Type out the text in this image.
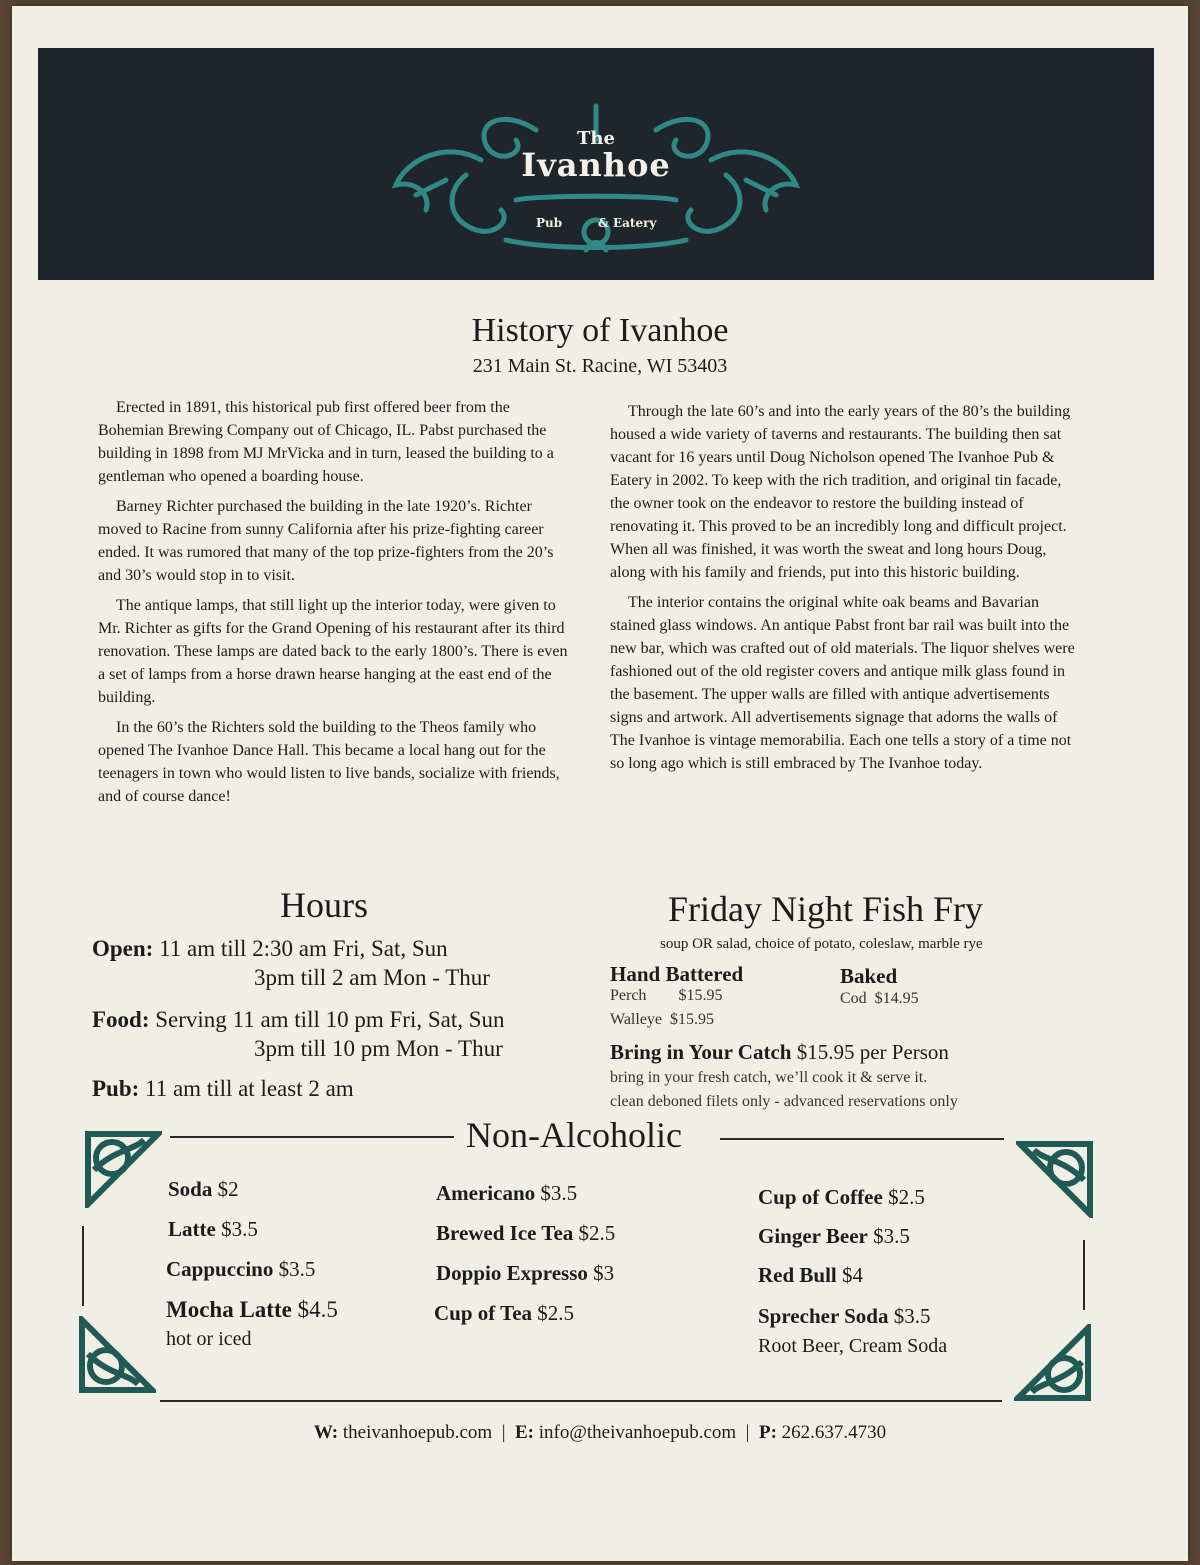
The
Ivanhoe
Pub	& Eatery
History of Ivanhoe
231 Main St. Racine, WI 53403

Erected in 1891, this historical pub first offered beer from the Bohemian Brewing Company out of Chicago, IL. Pabst purchased the building in 1898 from MJ MrVicka and in turn, leased the building to a gentleman who opened a boarding house.

Barney Richter purchased the building in the late 1920’s. Richter moved to Racine from sunny California after his prize-fighting career ended. It was rumored that many of the top prize-fighters from the 20’s and 30’s would stop in to visit.

The antique lamps, that still light up the interior today, were given to Mr. Richter as gifts for the Grand Opening of his restaurant after its third renovation. These lamps are dated back to the early 1800’s. There is even a set of lamps from a horse drawn hearse hanging at the east end of the building.

In the 60’s the Richters sold the building to the Theos family who opened The Ivanhoe Dance Hall. This became a local hang out for the teenagers in town who would listen to live bands, socialize with friends, and of course dance!

Through the late 60’s and into the early years of the 80’s the building housed a wide variety of taverns and restaurants. The building then sat vacant for 16 years until Doug Nicholson opened The Ivanhoe Pub & Eatery in 2002. To keep with the rich tradition, and original tin facade, the owner took on the endeavor to restore the building instead of renovating it. This proved to be an incredibly long and difficult project. When all was finished, it was worth the sweat and long hours Doug, along with his family and friends, put into this historic building.

The interior contains the original white oak beams and Bavarian stained glass windows. An antique Pabst front bar rail was built into the new bar, which was crafted out of old materials. The liquor shelves were fashioned out of the old register covers and antique milk glass found in the basement. The upper walls are filled with antique advertisements signs and artwork. All advertisements signage that adorns the walls of The Ivanhoe is vintage memorabilia. Each one tells a story of a time not so long ago which is still embraced by The Ivanhoe today.

Hours
Open: 11 am till 2:30 am Fri, Sat, Sun
3pm till 2 am Mon - Thur
Food: Serving 11 am till 10 pm Fri, Sat, Sun
3pm till 10 pm Mon - Thur
Pub: 11 am till at least 2 am
Friday Night Fish Fry
soup OR salad, choice of potato, coleslaw, marble rye
Hand Battered
Perch $15.95
Walleye $15.95
Baked
Cod $14.95
Bring in Your Catch $15.95 per Person
bring in your fresh catch, we’ll cook it & serve it.
clean deboned filets only - advanced reservations only
Non-Alcoholic
Soda $2
Latte $3.5
Cappuccino $3.5
Mocha Latte $4.5
hot or iced
Americano $3.5
Brewed Ice Tea $2.5
Doppio Expresso $3
Cup of Tea $2.5
Cup of Coffee $2.5
Ginger Beer $3.5
Red Bull $4
Sprecher Soda $3.5
Root Beer, Cream Soda
W: theivanhoepub.com | E: info@theivanhoepub.com | P: 262.637.4730
